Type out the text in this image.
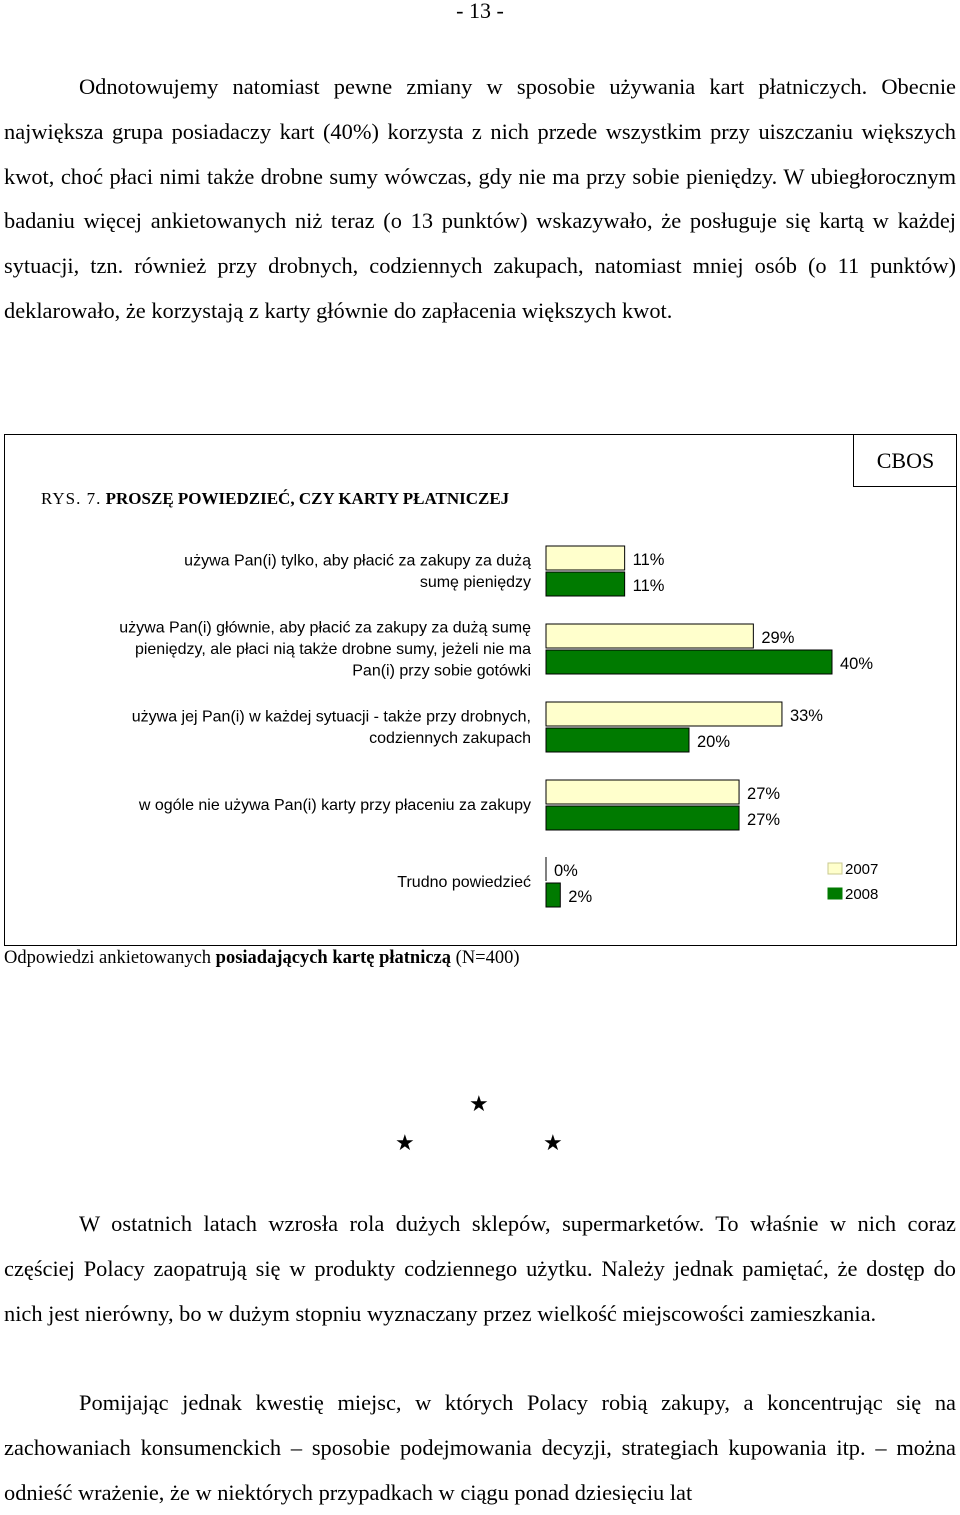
- 13 -

Odnotowujemy natomiast pewne zmiany w sposobie używania kart płatniczych. Obecnie największa grupa posiadaczy kart (40%) korzysta z nich przede wszystkim przy uiszczaniu większych kwot, choć płaci nimi także drobne sumy wówczas, gdy nie ma przy sobie pieniędzy. W ubiegłorocznym badaniu więcej ankietowanych niż teraz (o 13 punktów) wskazywało, że posługuje się kartą w każdej sytuacji, tzn. również przy drobnych, codziennych zakupach, natomiast mniej osób (o 11 punktów) deklarowało, że korzystają z karty głównie do zapłacenia większych kwot.

CBOS
RYS. 7. PROSZĘ POWIEDZIEĆ, CZY KARTY PŁATNICZEJ
używa Pan(i) tylko, aby płacić za zakupy za dużą
sumę pieniędzy
11%
11%
używa Pan(i) głównie, aby płacić za zakupy za dużą sumę
pieniędzy, ale płaci nią także drobne sumy, jeżeli nie ma
Pan(i) przy sobie gotówki
29%
40%
używa jej Pan(i) w każdej sytuacji - także przy drobnych,
codziennych zakupach
33%
20%
w ogóle nie używa Pan(i) karty przy płaceniu za zakupy
27%
27%
Trudno powiedzieć
0%
2%
2007
2008
Odpowiedzi ankietowanych posiadających kartę płatniczą (N=400)
★
★	★

W ostatnich latach wzrosła rola dużych sklepów, supermarketów. To właśnie w nich coraz częściej Polacy zaopatrują się w produkty codziennego użytku. Należy jednak pamiętać, że dostęp do nich jest nierówny, bo w dużym stopniu wyznaczany przez wielkość miejscowości zamieszkania.

Pomijając jednak kwestię miejsc, w których Polacy robią zakupy, a koncentrując się na zachowaniach konsumenckich – sposobie podejmowania decyzji, strategiach kupowania itp. – można odnieść wrażenie, że w niektórych przypadkach w ciągu ponad dziesięciu lat
